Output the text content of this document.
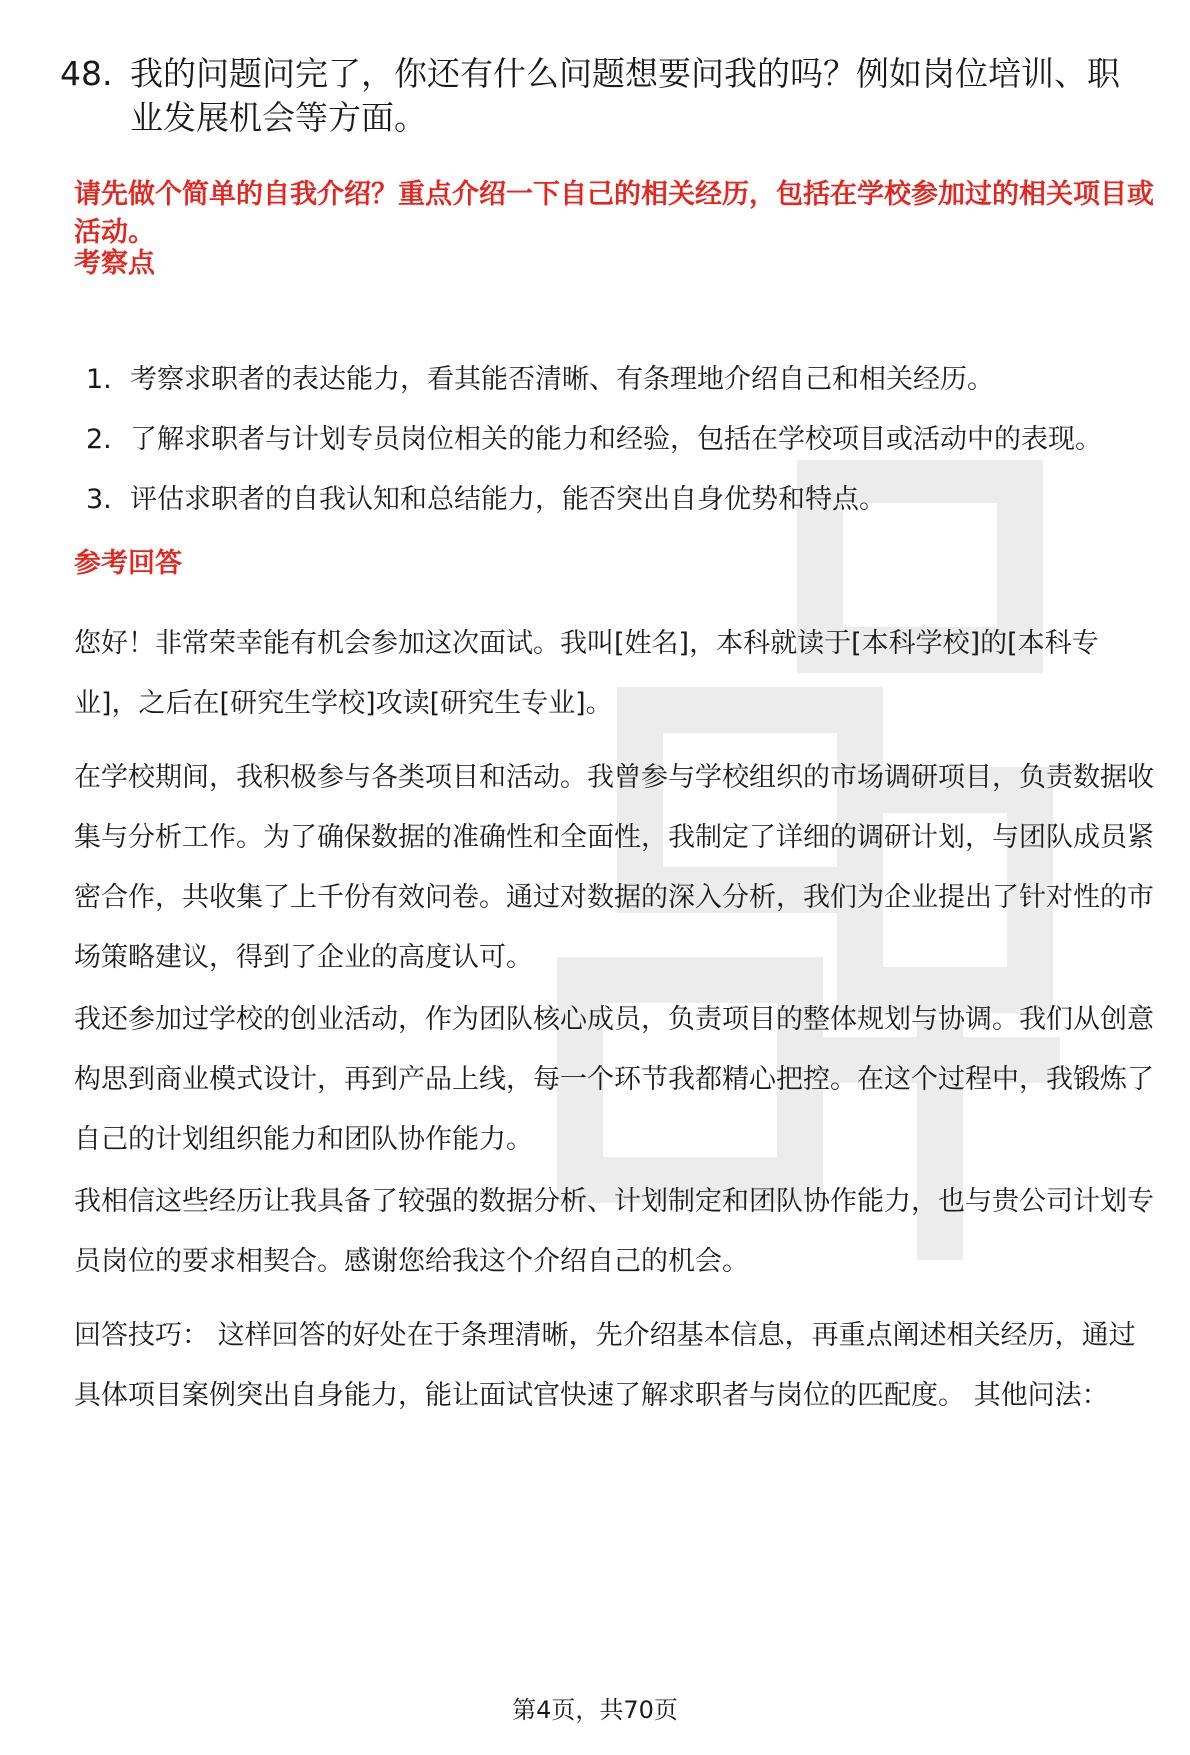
48. 我的问题问完了，你还有什么问题想要问我的吗？例如岗位培训、职业发展机会等方面。
请先做个简单的自我介绍？重点介绍一下自己的相关经历，包括在学校参加过的相关项目或活动。
考察点
1. 考察求职者的表达能力，看其能否清晰、有条理地介绍自己和相关经历。
2. 了解求职者与计划专员岗位相关的能力和经验，包括在学校项目或活动中的表现。
3. 评估求职者的自我认知和总结能力，能否突出自身优势和特点。
参考回答

您好！非常荣幸能有机会参加这次面试。我叫[姓名]，本科就读于[本科学校]的[本科专业]，之后在[研究生学校]攻读[研究生专业]。

在学校期间，我积极参与各类项目和活动。我曾参与学校组织的市场调研项目，负责数据收集与分析工作。为了确保数据的准确性和全面性，我制定了详细的调研计划，与团队成员紧密合作，共收集了上千份有效问卷。通过对数据的深入分析，我们为企业提出了针对性的市场策略建议，得到了企业的高度认可。

我还参加过学校的创业活动，作为团队核心成员，负责项目的整体规划与协调。我们从创意构思到商业模式设计，再到产品上线，每一个环节我都精心把控。在这个过程中，我锻炼了自己的计划组织能力和团队协作能力。

我相信这些经历让我具备了较强的数据分析、计划制定和团队协作能力，也与贵公司计划专员岗位的要求相契合。感谢您给我这个介绍自己的机会。

回答技巧： 这样回答的好处在于条理清晰，先介绍基本信息，再重点阐述相关经历，通过具体项目案例突出自身能力，能让面试官快速了解求职者与岗位的匹配度。 其他问法：

第4页，共70页
